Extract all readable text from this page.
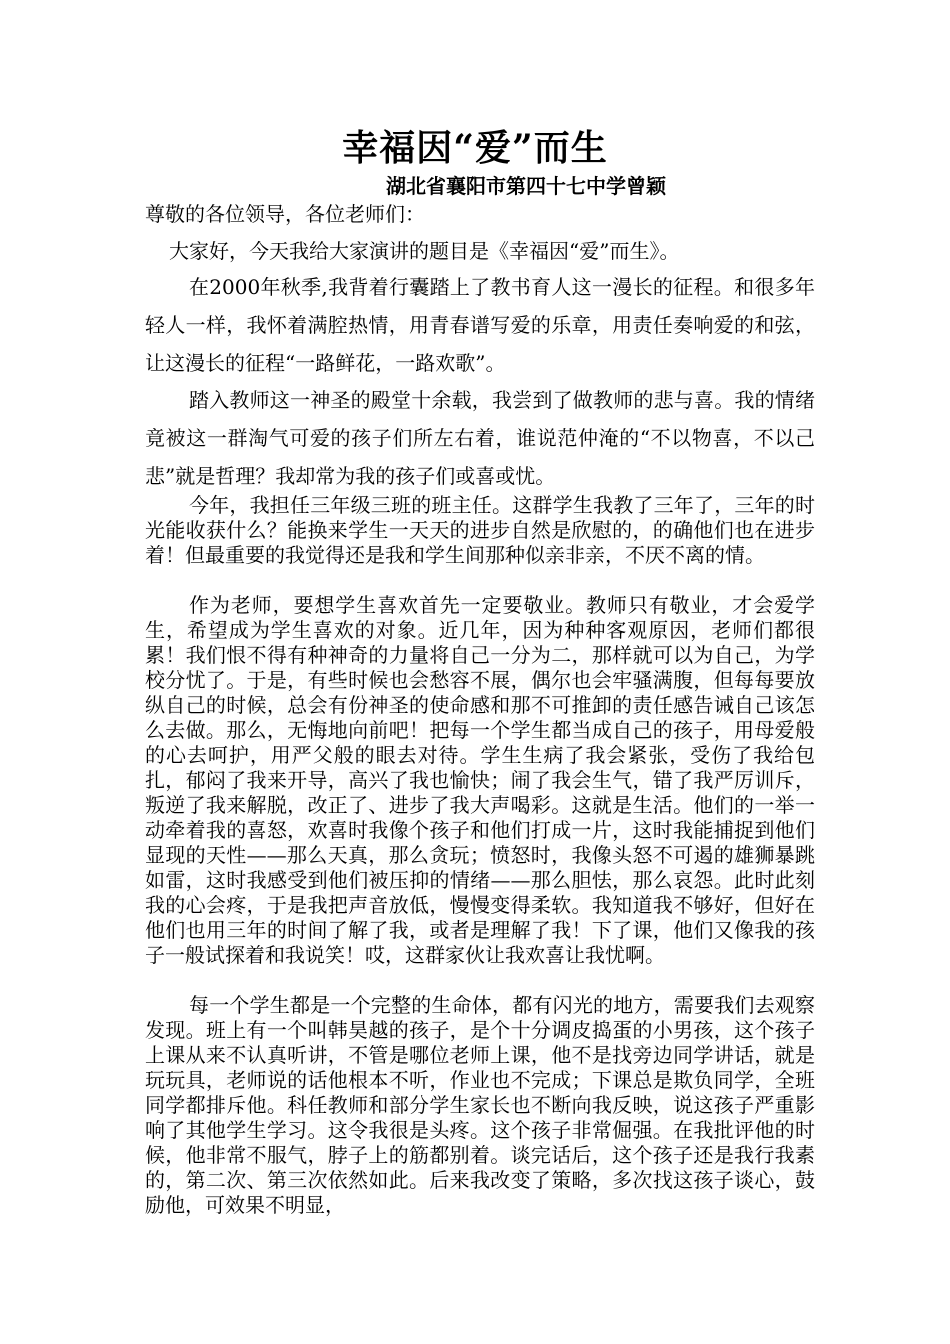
幸福因“爱”而生
湖北省襄阳市第四十七中学曾颖
尊敬的各位领导，各位老师们：
大家好，今天我给大家演讲的题目是《幸福因“爱”而生》。
在2000年秋季,我背着行囊踏上了教书育人这一漫长的征程。和很多年轻人一样，我怀着满腔热情，用青春谱写爱的乐章，用责任奏响爱的和弦，让这漫长的征程“一路鲜花，一路欢歌”。
踏入教师这一神圣的殿堂十余载，我尝到了做教师的悲与喜。我的情绪竟被这一群淘气可爱的孩子们所左右着，谁说范仲淹的“不以物喜，不以己悲”就是哲理？我却常为我的孩子们或喜或忧。
今年，我担任三年级三班的班主任。这群学生我教了三年了，三年的时光能收获什么？能换来学生一天天的进步自然是欣慰的，的确他们也在进步着！但最重要的我觉得还是我和学生间那种似亲非亲，不厌不离的情。
作为老师，要想学生喜欢首先一定要敬业。教师只有敬业，才会爱学生，希望成为学生喜欢的对象。近几年，因为种种客观原因，老师们都很累！我们恨不得有种神奇的力量将自己一分为二，那样就可以为自己，为学校分忧了。于是，有些时候也会愁容不展，偶尔也会牢骚满腹，但每每要放纵自己的时候，总会有份神圣的使命感和那不可推卸的责任感告诫自己该怎么去做。那么，无悔地向前吧！把每一个学生都当成自己的孩子，用母爱般的心去呵护，用严父般的眼去对待。学生生病了我会紧张，受伤了我给包扎，郁闷了我来开导，高兴了我也愉快；闹了我会生气，错了我严厉训斥，叛逆了我来解脱，改正了、进步了我大声喝彩。这就是生活。他们的一举一动牵着我的喜怒，欢喜时我像个孩子和他们打成一片，这时我能捕捉到他们显现的天性——那么天真，那么贪玩；愤怒时，我像头怒不可遏的雄狮暴跳如雷，这时我感受到他们被压抑的情绪——那么胆怯，那么哀怨。此时此刻我的心会疼，于是我把声音放低，慢慢变得柔软。我知道我不够好，但好在他们也用三年的时间了解了我，或者是理解了我！下了课，他们又像我的孩子一般试探着和我说笑！哎，这群家伙让我欢喜让我忧啊。
每一个学生都是一个完整的生命体，都有闪光的地方，需要我们去观察发现。班上有一个叫韩昊越的孩子，是个十分调皮捣蛋的小男孩，这个孩子上课从来不认真听讲，不管是哪位老师上课，他不是找旁边同学讲话，就是玩玩具，老师说的话他根本不听，作业也不完成；下课总是欺负同学，全班同学都排斥他。科任教师和部分学生家长也不断向我反映，说这孩子严重影响了其他学生学习。这令我很是头疼。这个孩子非常倔强。在我批评他的时候，他非常不服气，脖子上的筋都别着。谈完话后，这个孩子还是我行我素的，第二次、第三次依然如此。后来我改变了策略，多次找这孩子谈心，鼓励他，可效果不明显，
